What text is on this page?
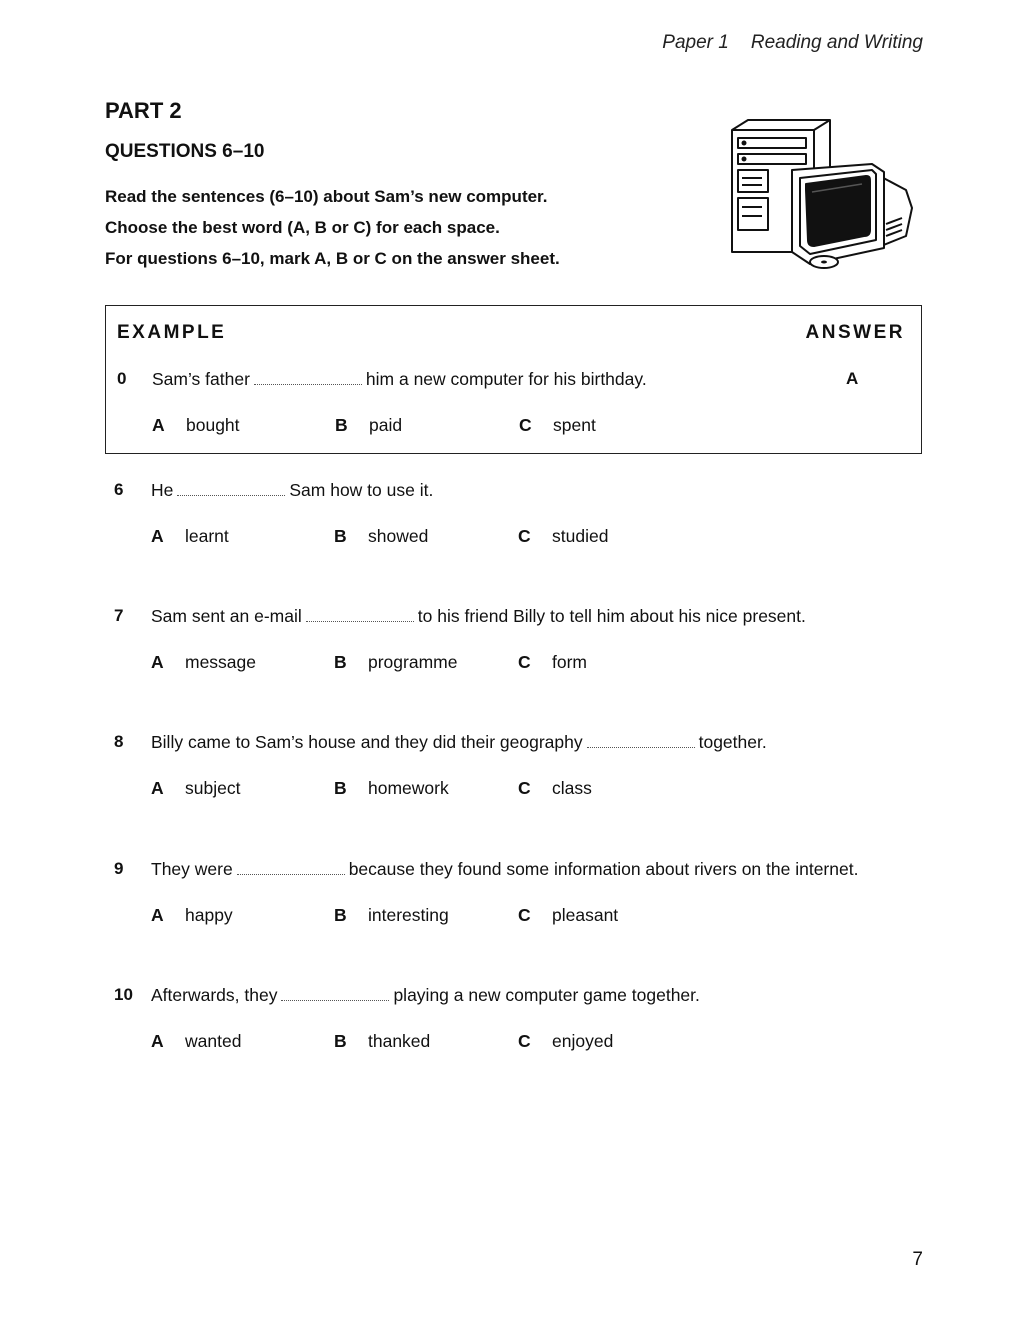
Paper 1 Reading and Writing
PART 2
QUESTIONS 6–10
Read the sentences (6–10) about Sam’s new computer.
Choose the best word (A, B or C) for each space.
For questions 6–10, mark A, B or C on the answer sheet.
EXAMPLE	ANSWER
0 Sam’s father	him a new computer for his birthday.	A
A bought	B paid	C spent
6 He	Sam how to use it.
A learnt	B showed	C studied
7 Sam sent an e-mail	to his friend Billy to tell him about his nice present.
A message	B programme	C form
8 Billy came to Sam’s house and they did their geography	together.
A subject	B homework	C class
9 They were	because they found some information about rivers on the internet.
A happy	B interesting	C pleasant
10 Afterwards, they	playing a new computer game together.
A wanted	B thanked	C enjoyed
7
